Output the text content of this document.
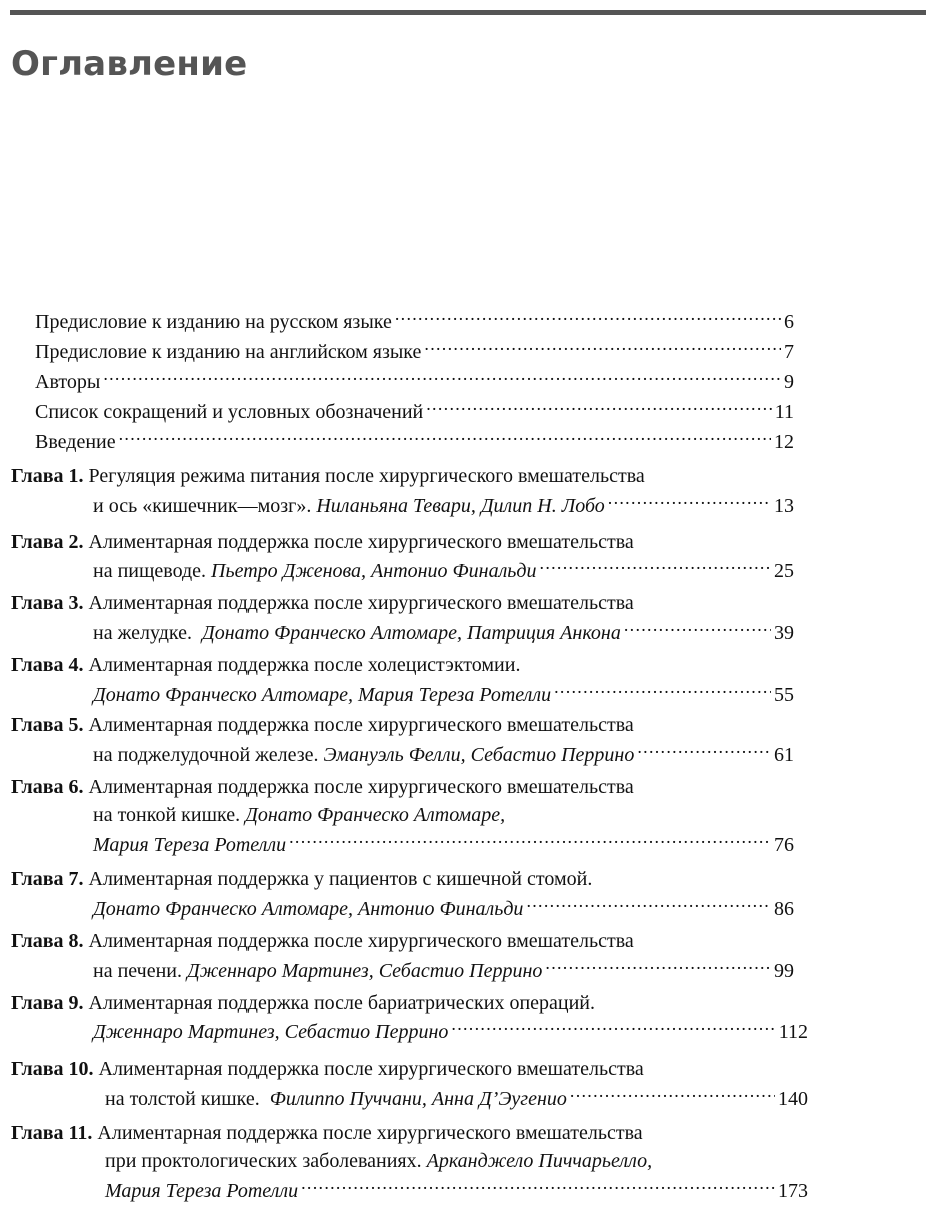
Оглавление
Предисловие к изданию на русском языке . . .	6
Предисловие к изданию на английском языке . . .	7
Авторы . . .	9
Список сокращений и условных обозначений . . .	11
Введение . . .	12
Глава 1.
Регуляция режима питания после хирургического вмешательства
и ось «кишечник—мозг».
Ниланьяна Тевари, Дилип Н. Лобо . . .	13
Глава 2.
Алиментарная поддержка после хирургического вмешательства
на пищеводе.
Пьетро Дженова, Антонио Финальди . . .	25
Глава 3.
Алиментарная поддержка после хирургического вмешательства
на желудке.
Донато Франческо Алтомаре, Патриция Анкона . . .	39
Глава 4.
Алиментарная поддержка после холецистэктомии.
Донато Франческо Алтомаре, Мария Тереза Ротелли . . .	55
Глава 5.
Алиментарная поддержка после хирургического вмешательства
на поджелудочной железе.
Эмануэль Фелли, Себастио Перрино . . .	61
Глава 6.
Алиментарная поддержка после хирургического вмешательства
на тонкой кишке.
Донато Франческо Алтомаре,
Мария Тереза Ротелли . . .	76
Глава 7.
Алиментарная поддержка у пациентов с кишечной стомой.
Донато Франческо Алтомаре, Антонио Финальди . . .	86
Глава 8.
Алиментарная поддержка после хирургического вмешательства
на печени.
Дженнаро Мартинез, Себастио Перрино . . .	99
Глава 9.
Алиментарная поддержка после бариатрических операций.
Дженнаро Мартинез, Себастио Перрино . . .	112
Глава 10.
Алиментарная поддержка после хирургического вмешательства
на толстой кишке.
Филиппо Пуччани, Анна Д’Эугенио . . .	140
Глава 11.
Алиментарная поддержка после хирургического вмешательства
при проктологических заболеваниях.
Арканджело Пиччарьелло,
Мария Тереза Ротелли . . .	173
